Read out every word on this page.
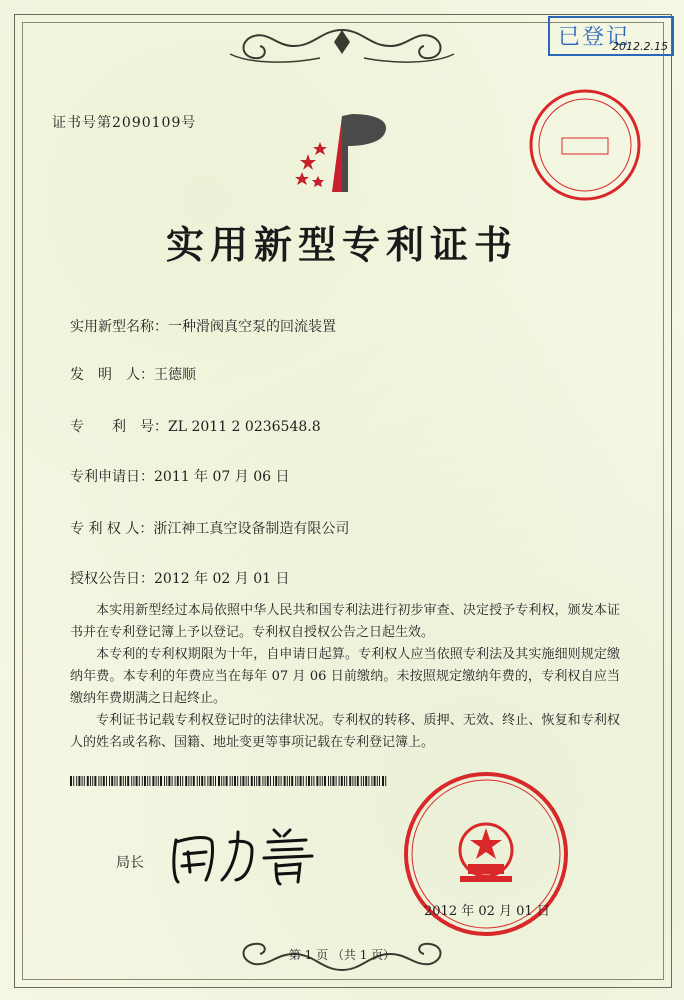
已登记
2012.2.15
证书号第2090109号
实用新型专利证书
实用新型名称：一种滑阀真空泵的回流装置
发　明　人：王德顺
专　　利　号：ZL 2011 2 0236548.8
专利申请日：2011 年 07 月 06 日
专 利 权 人：浙江神工真空设备制造有限公司
授权公告日：2012 年 02 月 01 日

本实用新型经过本局依照中华人民共和国专利法进行初步审查、决定授予专利权，颁发本证书并在专利登记簿上予以登记。专利权自授权公告之日起生效。

本专利的专利权期限为十年，自申请日起算。专利权人应当依照专利法及其实施细则规定缴纳年费。本专利的年费应当在每年 07 月 06 日前缴纳。未按照规定缴纳年费的，专利权自应当缴纳年费期满之日起终止。

专利证书记载专利权登记时的法律状况。专利权的转移、质押、无效、终止、恢复和专利权人的姓名或名称、国籍、地址变更等事项记载在专利登记簿上。

局长
田力普
2012 年 02 月 01 日
第 1 页 （共 1 页）
